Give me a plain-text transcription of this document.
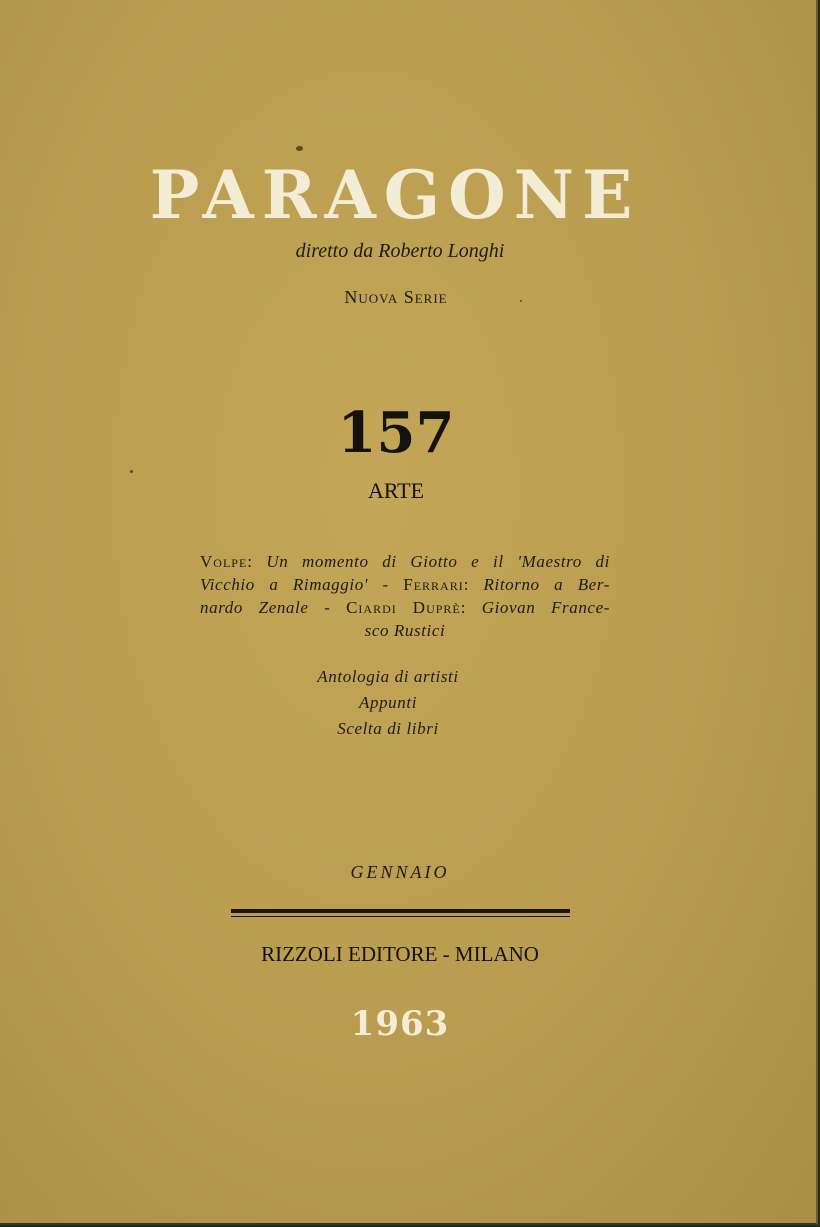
PARAGONE
diretto da Roberto Longhi
Nuova Serie
157
ARTE
Volpe: Un momento di Giotto e il 'Maestro di
Vicchio a Rimaggio' - Ferrari: Ritorno a Ber-
nardo Zenale - Ciardi Duprè: Giovan France-
sco Rustici
Antologia di artisti
Appunti
Scelta di libri
GENNAIO
RIZZOLI EDITORE - MILANO
1963
